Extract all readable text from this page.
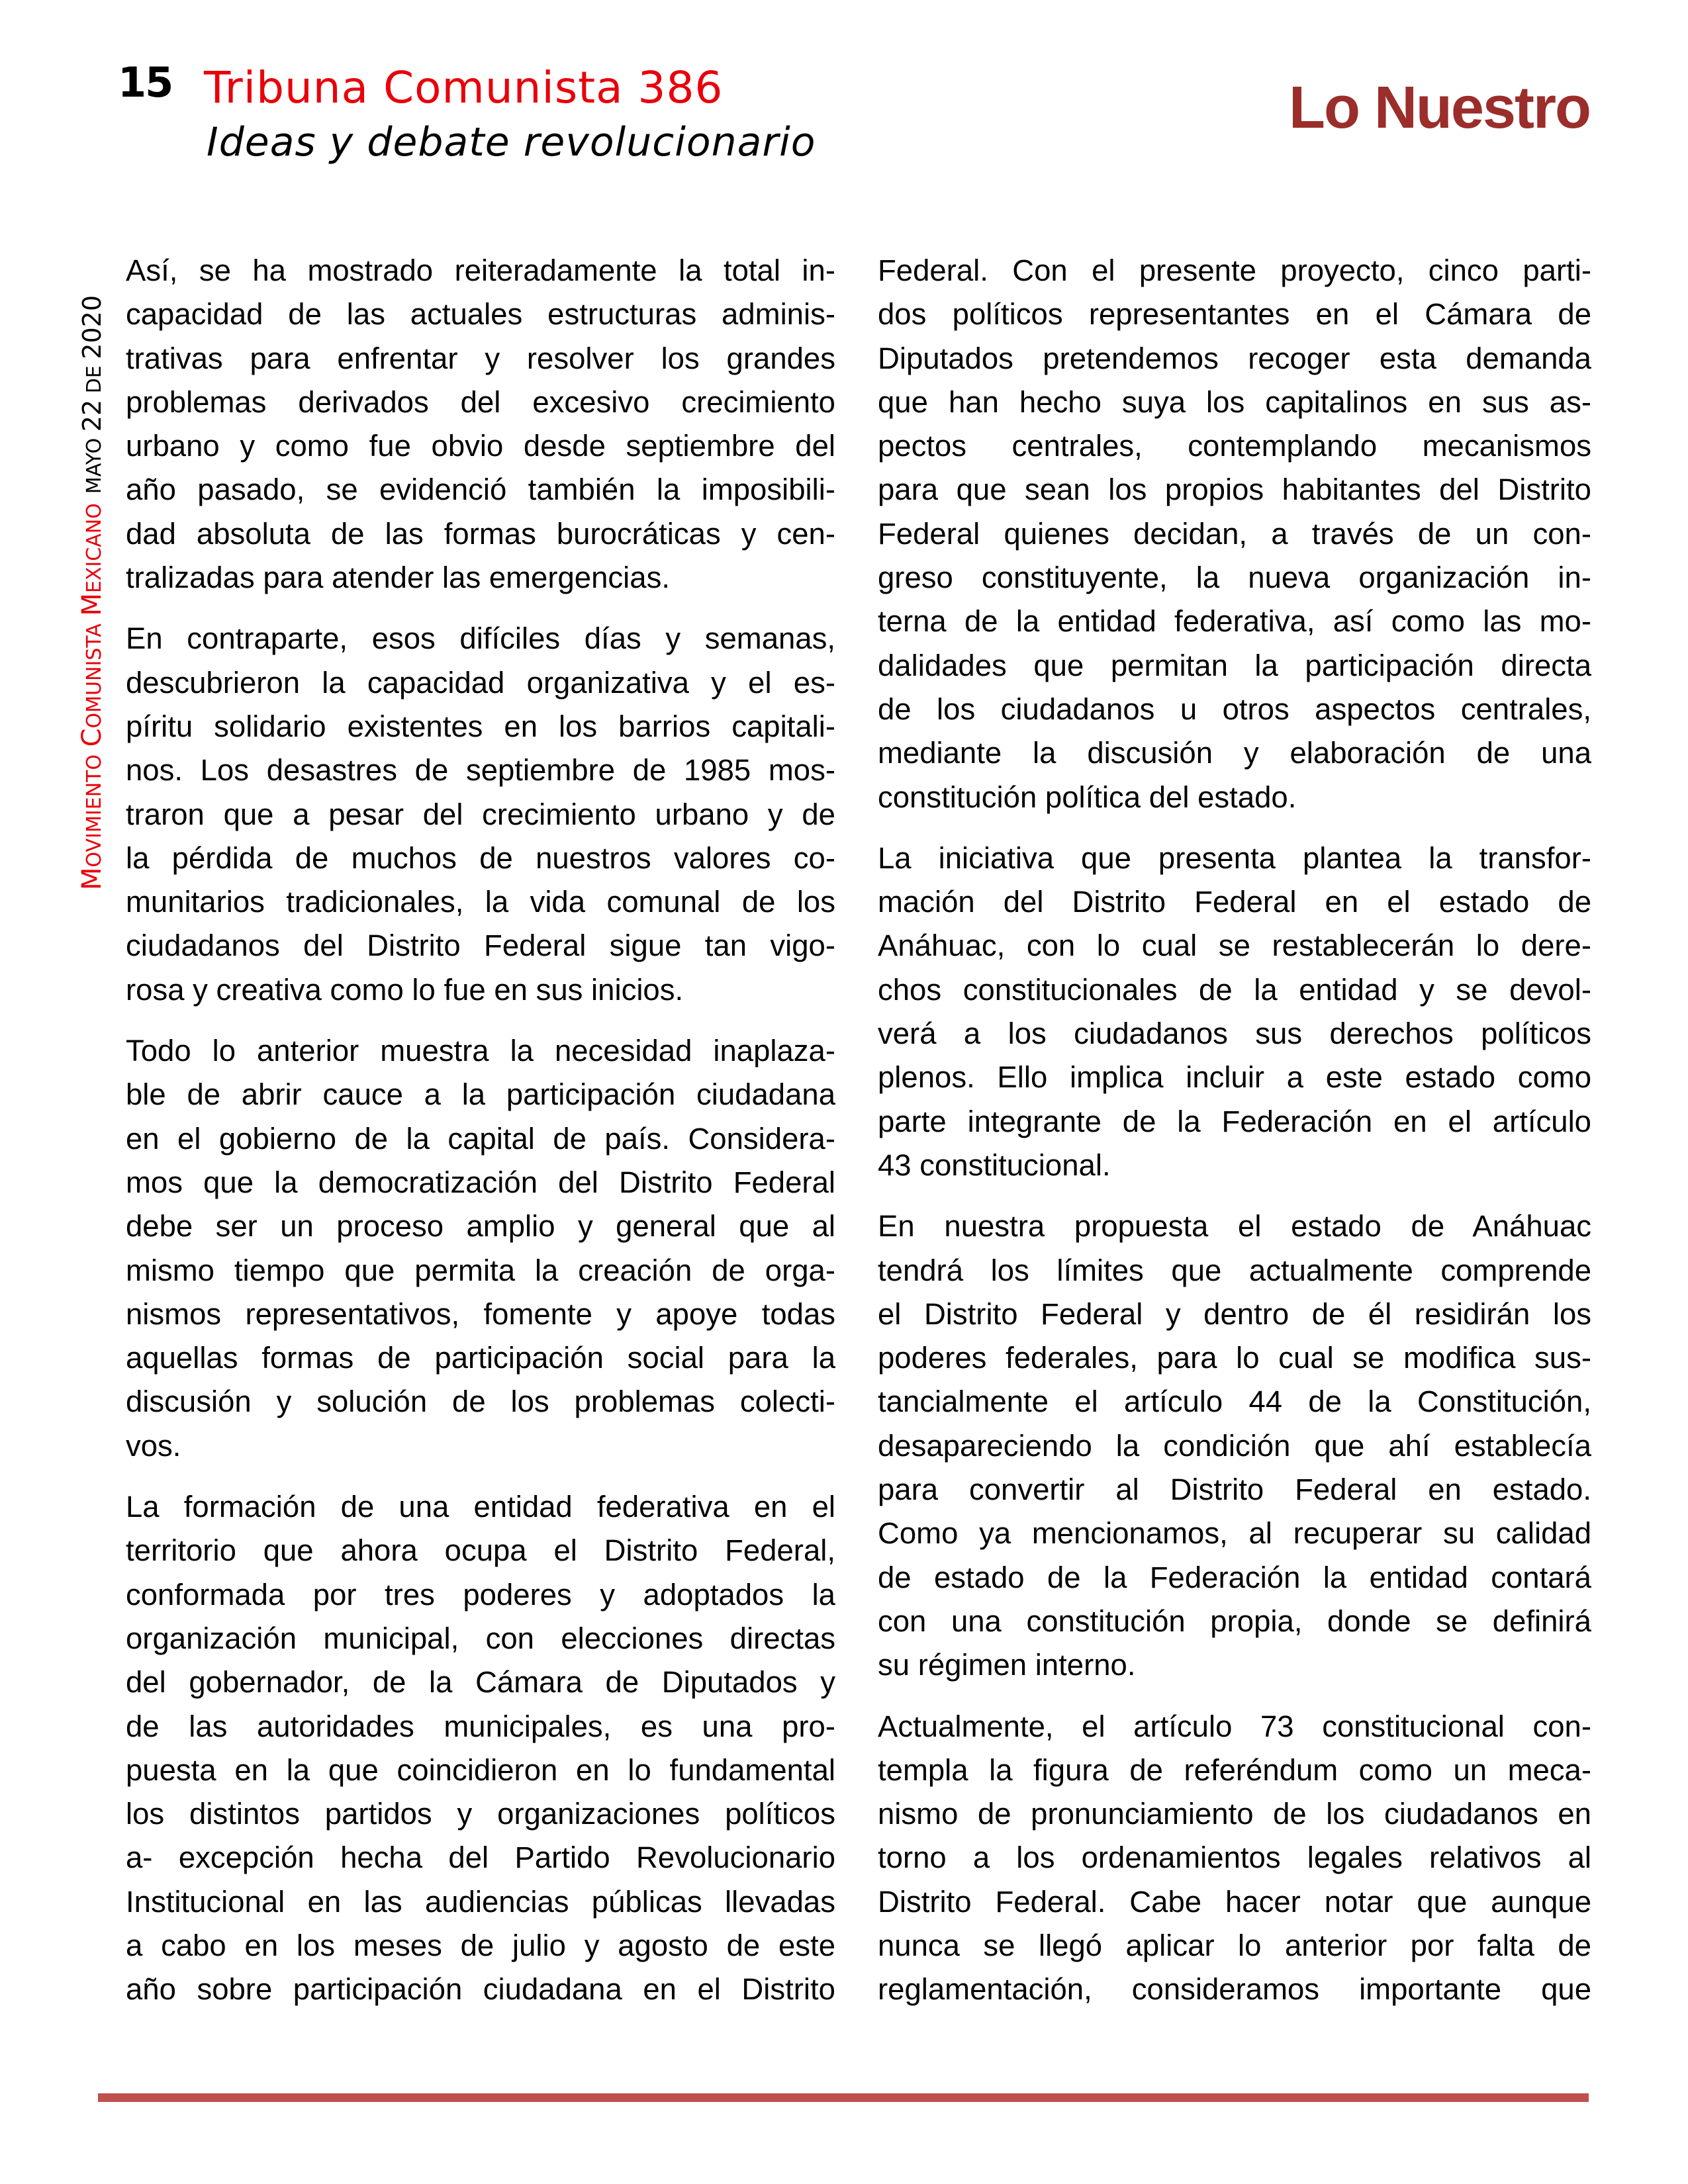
15 Tribuna Comunista 386
Ideas y debate revolucionario
Lo Nuestro
MOVIMIENTO COMUNISTA MEXICANOMAYO 22 DE 2020

Así, se ha mostrado reiteradamente la total in-
capacidad de las actuales estructuras adminis-
trativas para enfrentar y resolver los grandes
problemas derivados del excesivo crecimiento
urbano y como fue obvio desde septiembre del
año pasado, se evidenció también la imposibili-
dad absoluta de las formas burocráticas y cen-
tralizadas para atender las emergencias.

En contraparte, esos difíciles días y semanas,
descubrieron la capacidad organizativa y el es-
píritu solidario existentes en los barrios capitali-
nos. Los desastres de septiembre de 1985 mos-
traron que a pesar del crecimiento urbano y de
la pérdida de muchos de nuestros valores co-
munitarios tradicionales, la vida comunal de los
ciudadanos del Distrito Federal sigue tan vigo-
rosa y creativa como lo fue en sus inicios.

Todo lo anterior muestra la necesidad inaplaza-
ble de abrir cauce a la participación ciudadana
en el gobierno de la capital de país. Considera-
mos que la democratización del Distrito Federal
debe ser un proceso amplio y general que al
mismo tiempo que permita la creación de orga-
nismos representativos, fomente y apoye todas
aquellas formas de participación social para la
discusión y solución de los problemas colecti-
vos.

La formación de una entidad federativa en el
territorio que ahora ocupa el Distrito Federal,
conformada por tres poderes y adoptados la
organización municipal, con elecciones directas
del gobernador, de la Cámara de Diputados y
de las autoridades municipales, es una pro-
puesta en la que coincidieron en lo fundamental
los distintos partidos y organizaciones políticos
a- excepción hecha del Partido Revolucionario
Institucional en las audiencias públicas llevadas
a cabo en los meses de julio y agosto de este
año sobre participación ciudadana en el Distrito

Federal. Con el presente proyecto, cinco parti-
dos políticos representantes en el Cámara de
Diputados pretendemos recoger esta demanda
que han hecho suya los capitalinos en sus as-
pectos centrales, contemplando mecanismos
para que sean los propios habitantes del Distrito
Federal quienes decidan, a través de un con-
greso constituyente, la nueva organización in-
terna de la entidad federativa, así como las mo-
dalidades que permitan la participación directa
de los ciudadanos u otros aspectos centrales,
mediante la discusión y elaboración de una
constitución política del estado.

La iniciativa que presenta plantea la transfor-
mación del Distrito Federal en el estado de
Anáhuac, con lo cual se restablecerán lo dere-
chos constitucionales de la entidad y se devol-
verá a los ciudadanos sus derechos políticos
plenos. Ello implica incluir a este estado como
parte integrante de la Federación en el artículo
43 constitucional.

En nuestra propuesta el estado de Anáhuac
tendrá los límites que actualmente comprende
el Distrito Federal y dentro de él residirán los
poderes federales, para lo cual se modifica sus-
tancialmente el artículo 44 de la Constitución,
desapareciendo la condición que ahí establecía
para convertir al Distrito Federal en estado.
Como ya mencionamos, al recuperar su calidad
de estado de la Federación la entidad contará
con una constitución propia, donde se definirá
su régimen interno.

Actualmente, el artículo 73 constitucional con-
templa la figura de referéndum como un meca-
nismo de pronunciamiento de los ciudadanos en
torno a los ordenamientos legales relativos al
Distrito Federal. Cabe hacer notar que aunque
nunca se llegó aplicar lo anterior por falta de
reglamentación, consideramos importante que
